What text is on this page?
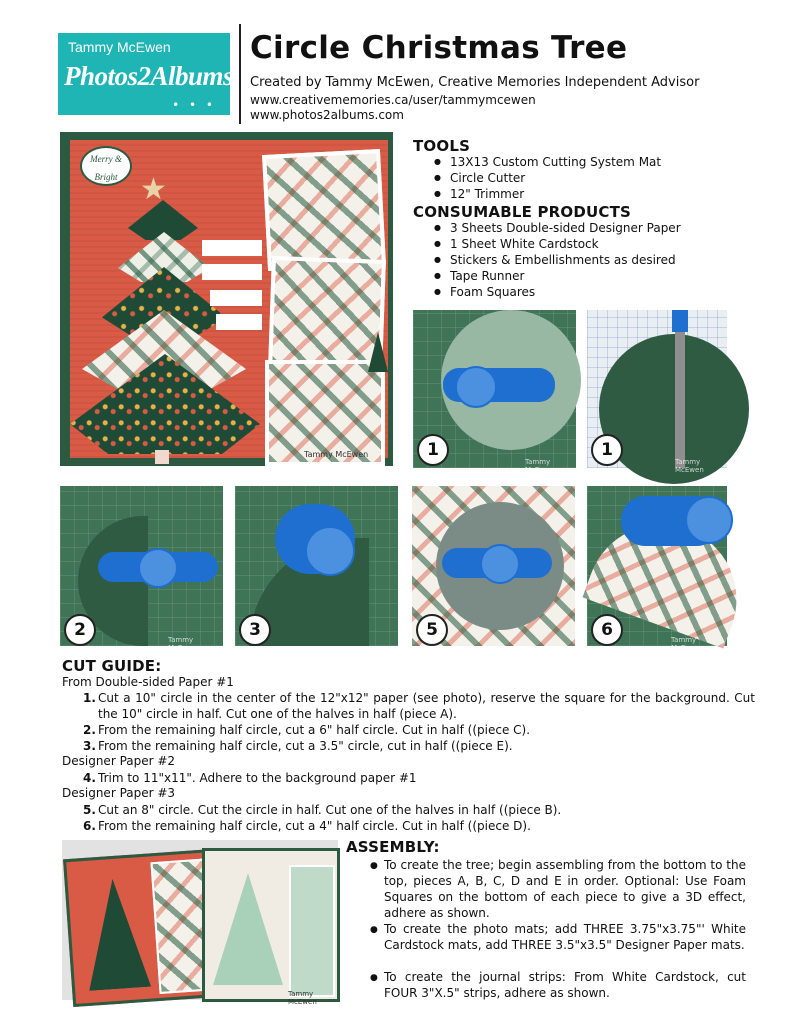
Tammy McEwen
Photos2Albums
• • •
Circle Christmas Tree
Created by Tammy McEwen, Creative Memories Independent Advisor
www.creativememories.ca/user/tammymcewen
www.photos2albums.com
Merry & Bright ★
Tammy McEwen
TOOLS
● 13X13 Custom Cutting System Mat
● Circle Cutter
● 12" Trimmer
CONSUMABLE PRODUCTS
● 3 Sheets Double-sided Designer Paper
● 1 Sheet White Cardstock
● Stickers & Embellishments as desired
● Tape Runner
● Foam Squares
1
Tammy McEwen
1
Tammy McEwen
2	Tammy McEwen
3	5	6	Tammy McEwen
CUT GUIDE:
From Double-sided Paper #1
1. Cut a 10" circle in the center of the 12"x12" paper (see photo), reserve the square for the background. Cut the 10" circle in half. Cut one of the halves in half (piece A).
2. From the remaining half circle, cut a 6" half circle. Cut in half ((piece C).
3. From the remaining half circle, cut a 3.5" circle, cut in half ((piece E).
Designer Paper #2
4. Trim to 11"x11". Adhere to the background paper #1
Designer Paper #3
5. Cut an 8" circle. Cut the circle in half. Cut one of the halves in half ((piece B).
6. From the remaining half circle, cut a 4" half circle. Cut in half ((piece D).
Tammy McEwen
ASSEMBLY:
● To create the tree; begin assembling from the bottom to the top, pieces A, B, C, D and E in order. Optional: Use Foam Squares on the bottom of each piece to give a 3D effect, adhere as shown.
● To create the photo mats; add THREE 3.75"x3.75"' White Cardstock mats, add THREE 3.5"x3.5" Designer Paper mats.
● To create the journal strips: From White Cardstock, cut FOUR 3"X.5" strips, adhere as shown.
